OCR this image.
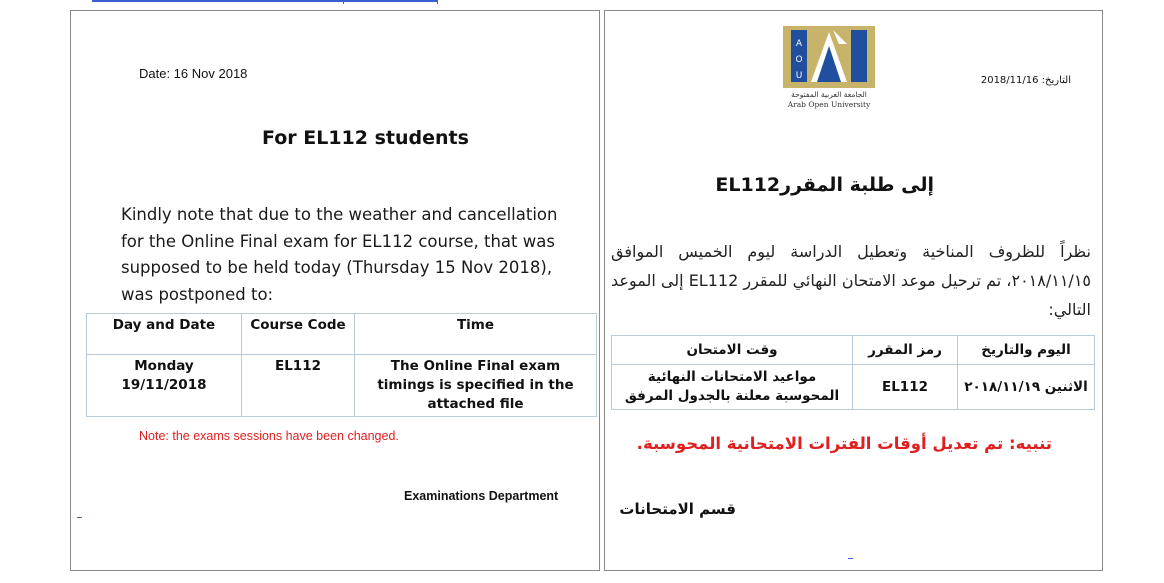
Date: 16 Nov 2018
For EL112 students
Kindly note that due to the weather and cancellation for the Online Final exam for EL112 course, that was supposed to be held today (Thursday 15 Nov 2018), was postponed to:
Day and Date	Course Code	Time
Monday 19/11/2018	EL112	The Online Final exam timings is specified in the attached file
Note: the exams sessions have been changed.
Examinations Department
A
O
U
الجامعة العربية المفتوحة
Arab Open University
التاريخ: 2018/11/16
إلى طلبة المقررEL112
نظراً للظروف المناخية وتعطيل الدراسة ليوم الخميس الموافق ٢٠١٨/١١/١٥، تم ترحيل موعد الامتحان النهائي للمقرر EL112 إلى الموعد التالي:
اليوم والتاريخ	رمز المقرر	وقت الامتحان
الاثنين ٢٠١٨/١١/١٩	EL112	مواعيد الامتحانات النهائية المحوسبة معلنة بالجدول المرفق
تنبيه: تم تعديل أوقات الفترات الامتحانية المحوسبة.
قسم الامتحانات
